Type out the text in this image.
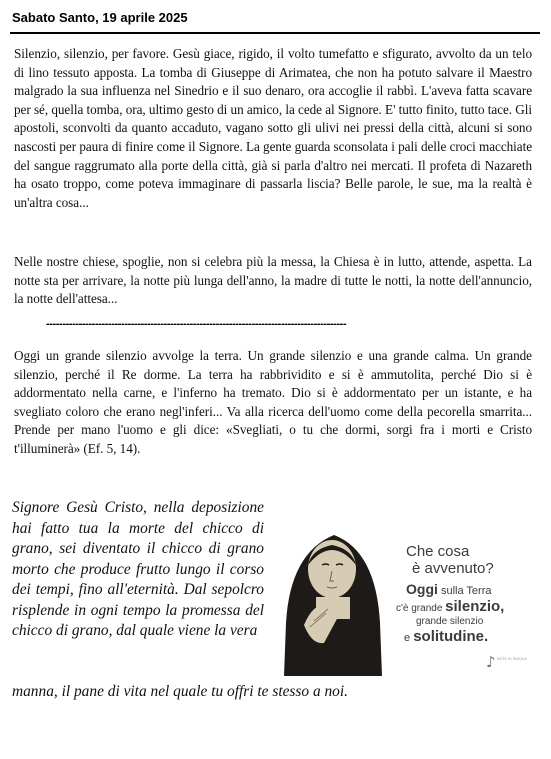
Sabato Santo, 19 aprile 2025

Silenzio, silenzio, per favore. Gesù giace, rigido, il volto tumefatto e sfigurato, avvolto da un telo di lino tessuto apposta. La tomba di Giuseppe di Arimatea, che non ha potuto salvare il Maestro malgrado la sua influenza nel Sinedrio e il suo denaro, ora accoglie il rabbì. L'aveva fatta scavare per sé, quella tomba, ora, ultimo gesto di un amico, la cede al Signore. E' tutto finito, tutto tace. Gli apostoli, sconvolti da quanto accaduto, vagano sotto gli ulivi nei pressi della città, alcuni si sono nascosti per paura di finire come il Signore. La gente guarda sconsolata i pali delle croci macchiate del sangue raggrumato alla porte della città, già si parla d'altro nei mercati. Il profeta di Nazareth ha osato troppo, come poteva immaginare di passarla liscia? Belle parole, le sue, ma la realtà è un'altra cosa...

Nelle nostre chiese, spoglie, non si celebra più la messa, la Chiesa è in lutto, attende, aspetta. La notte sta per arrivare, la notte più lunga dell'anno, la madre di tutte le notti, la notte dell'annuncio, la notte dell'attesa...

--------------------------------------------------------------------------------------------

Oggi un grande silenzio avvolge la terra. Un grande silenzio e una grande calma. Un grande silenzio, perché il Re dorme. La terra ha rabbrividito e si è ammutolita, perché Dio si è addormentato nella carne, e l'inferno ha tremato. Dio si è addormentato per un istante, e ha svegliato coloro che erano negl'inferi... Va alla ricerca dell'uomo come della pecorella smarrita... Prende per mano l'uomo e gli dice: «Svegliati, o tu che dormi, sorgi fra i morti e Cristo t'illuminerà» (Ef. 5, 14).

Signore Gesù Cristo, nella deposizione hai fatto tua la morte del chicco di grano, sei diventato il chicco di grano morto che produce frutto lungo il corso dei tempi, fino all'eternità. Dal sepolcro risplende in ogni tempo la promessa del chicco di grano, dal quale viene la vera

manna, il pane di vita nel quale tu offri te stesso a noi.

Che cosa
è avvenuto?
Oggi sulla Terra
c'è grande silenzio,
grande silenzio
e solitudine.
♪ NOTE DI PASQUA
